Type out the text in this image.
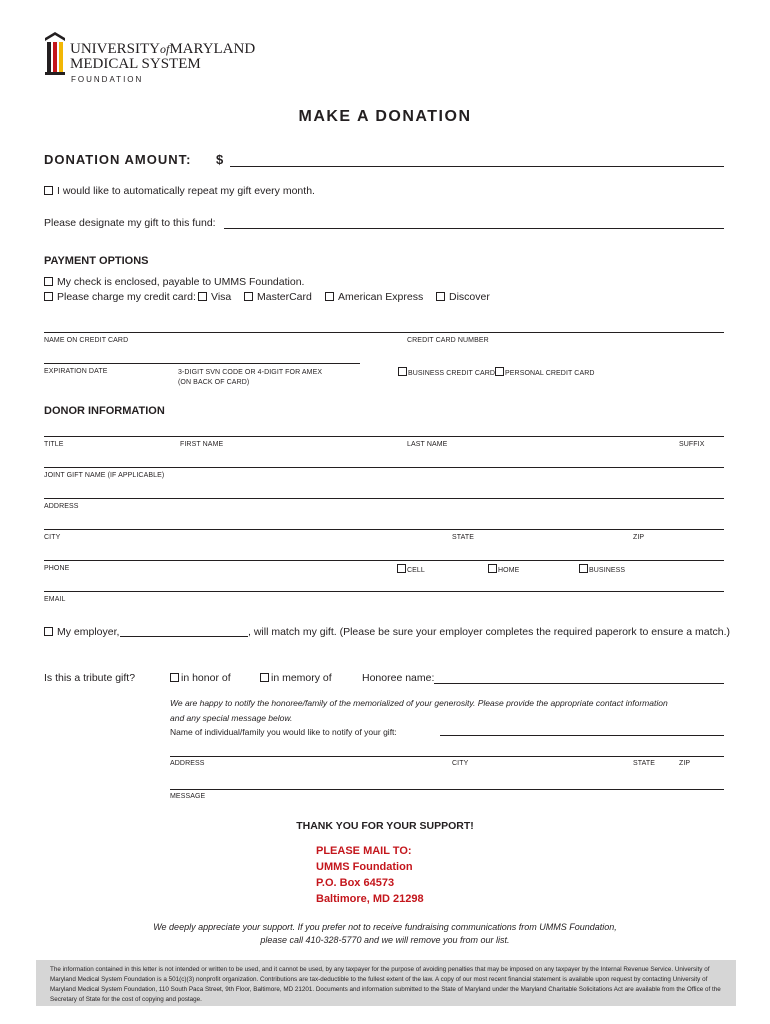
UNIVERSITYofMARYLAND
MEDICAL SYSTEM
FOUNDATION
MAKE A DONATION
DONATION AMOUNT: $
I would like to automatically repeat my gift every month.
Please designate my gift to this fund:
PAYMENT OPTIONS
My check is enclosed, payable to UMMS Foundation.
Please charge my credit card:	Visa	MasterCard	American Express	Discover
NAME ON CREDIT CARD	CREDIT CARD NUMBER
EXPIRATION DATE	3-DIGIT SVN CODE OR 4-DIGIT FOR AMEX
(ON BACK OF CARD)
BUSINESS CREDIT CARD	PERSONAL CREDIT CARD
DONOR INFORMATION
TITLE	FIRST NAME	LAST NAME	SUFFIX
JOINT GIFT NAME (IF APPLICABLE)
ADDRESS
CITY	STATE	ZIP
PHONE	CELL	HOME	BUSINESS
EMAIL
My employer,	, will match my gift. (Please be sure your employer completes the required paperork to ensure a match.)
Is this a tribute gift?	in honor of	in memory of	Honoree name:
We are happy to notify the honoree/family of the memorialized of your generosity. Please provide the appropriate contact information
and any special message below.
Name of individual/family you would like to notify of your gift:
ADDRESS	CITY	STATE	ZIP
MESSAGE
THANK YOU FOR YOUR SUPPORT!
PLEASE MAIL TO:
UMMS Foundation
P.O. Box 64573
Baltimore, MD 21298
We deeply appreciate your support. If you prefer not to receive fundraising communications from UMMS Foundation,
please call 410-328-5770 and we will remove you from our list.
The information contained in this letter is not intended or written to be used, and it cannot be used, by any taxpayer for the purpose of avoiding penalties that may be imposed on any taxpayer by the Internal Revenue Service. University of Maryland Medical System Foundation is a 501(c)(3) nonprofit organization. Contributions are tax-deductible to the fullest extent of the law. A copy of our most recent financial statement is available upon request by contacting University of Maryland Medical System Foundation, 110 South Paca Street, 9th Floor, Baltimore, MD 21201. Documents and information submitted to the State of Maryland under the Maryland Charitable Solicitations Act are available from the Office of the Secretary of State for the cost of copying and postage.
